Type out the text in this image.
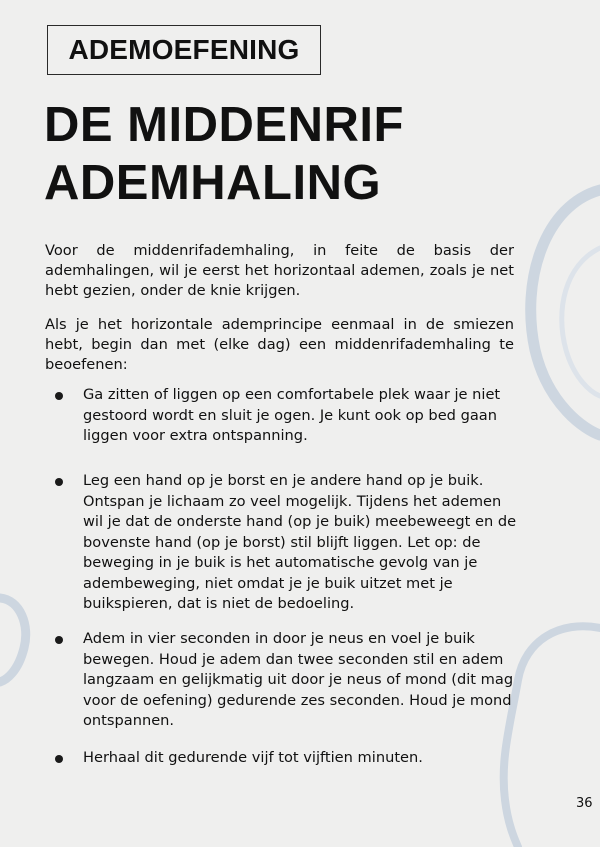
ADEMOEFENING
DE MIDDENRIF
ADEMHALING

Voor de middenrifademhaling, in feite de basis der ademhalingen, wil je eerst het horizontaal ademen, zoals je net hebt gezien, onder de knie krijgen.

Als je het horizontale ademprincipe eenmaal in de smiezen hebt, begin dan met (elke dag) een middenrifademhaling te beoefenen:

Ga zitten of liggen op een comfortabele plek waar je niet gestoord wordt en sluit je ogen. Je kunt ook op bed gaan liggen voor extra ontspanning.
Leg een hand op je borst en je andere hand op je buik. Ontspan je lichaam zo veel mogelijk. Tijdens het ademen wil je dat de onderste hand (op je buik) meebeweegt en de bovenste hand (op je borst) stil blijft liggen. Let op: de beweging in je buik is het automatische gevolg van je adembeweging, niet omdat je je buik uitzet met je buikspieren, dat is niet de bedoeling.
Adem in vier seconden in door je neus en voel je buik bewegen. Houd je adem dan twee seconden stil en adem langzaam en gelijkmatig uit door je neus of mond (dit mag voor de oefening) gedurende zes seconden. Houd je mond ontspannen.
Herhaal dit gedurende vijf tot vijftien minuten.
36
